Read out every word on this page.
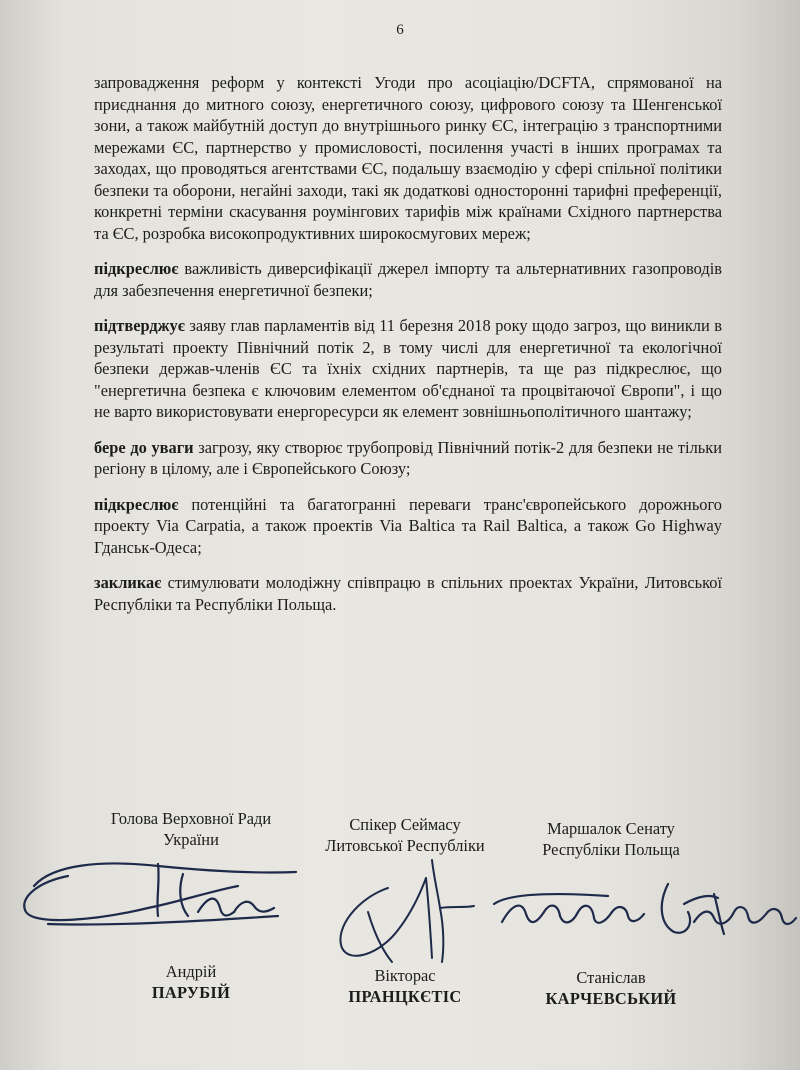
6

запровадження реформ у контексті Угоди про асоціацію/DCFTA, спрямованої на приєднання до митного союзу, енергетичного союзу, цифрового союзу та Шенгенської зони, а також майбутній доступ до внутрішнього ринку ЄС, інтеграцію з транспортними мережами ЄС, партнерство у промисловості, посилення участі в інших програмах та заходах, що проводяться агентствами ЄС, подальшу взаємодію у сфері спільної політики безпеки та оборони, негайні заходи, такі як додаткові односторонні тарифні преференції, конкретні терміни скасування роумінгових тарифів між країнами Східного партнерства та ЄС, розробка високопродуктивних широкосмугових мереж;

підкреслює важливість диверсифікації джерел імпорту та альтернативних газопроводів для забезпечення енергетичної безпеки;

підтверджує заяву глав парламентів від 11 березня 2018 року щодо загроз, що виникли в результаті проекту Північний потік 2, в тому числі для енергетичної та екологічної безпеки держав-членів ЄС та їхніх східних партнерів, та ще раз підкреслює, що "енергетична безпека є ключовим елементом об'єднаної та процвітаючої Європи", і що не варто використовувати енергоресурси як елемент зовнішньополітичного шантажу;

бере до уваги загрозу, яку створює трубопровід Північний потік-2 для безпеки не тільки регіону в цілому, але і Європейського Союзу;

підкреслює потенційні та багатогранні переваги транс'європейського дорожнього проекту Via Carpatia, а також проектів Via Baltica та Rail Baltica, а також Go Highway Гданськ-Одеса;

закликає стимулювати молодіжну співпрацю в спільних проектах України, Литовської Республіки та Республіки Польща.

Голова Верховної Ради
України
Спікер Сеймасу
Литовської Республіки
Маршалок Сенату
Республіки Польща
Андрій
ПАРУБІЙ
Вікторас
ПРАНЦКЄТІС
Станіслав
КАРЧЕВСЬКИЙ
